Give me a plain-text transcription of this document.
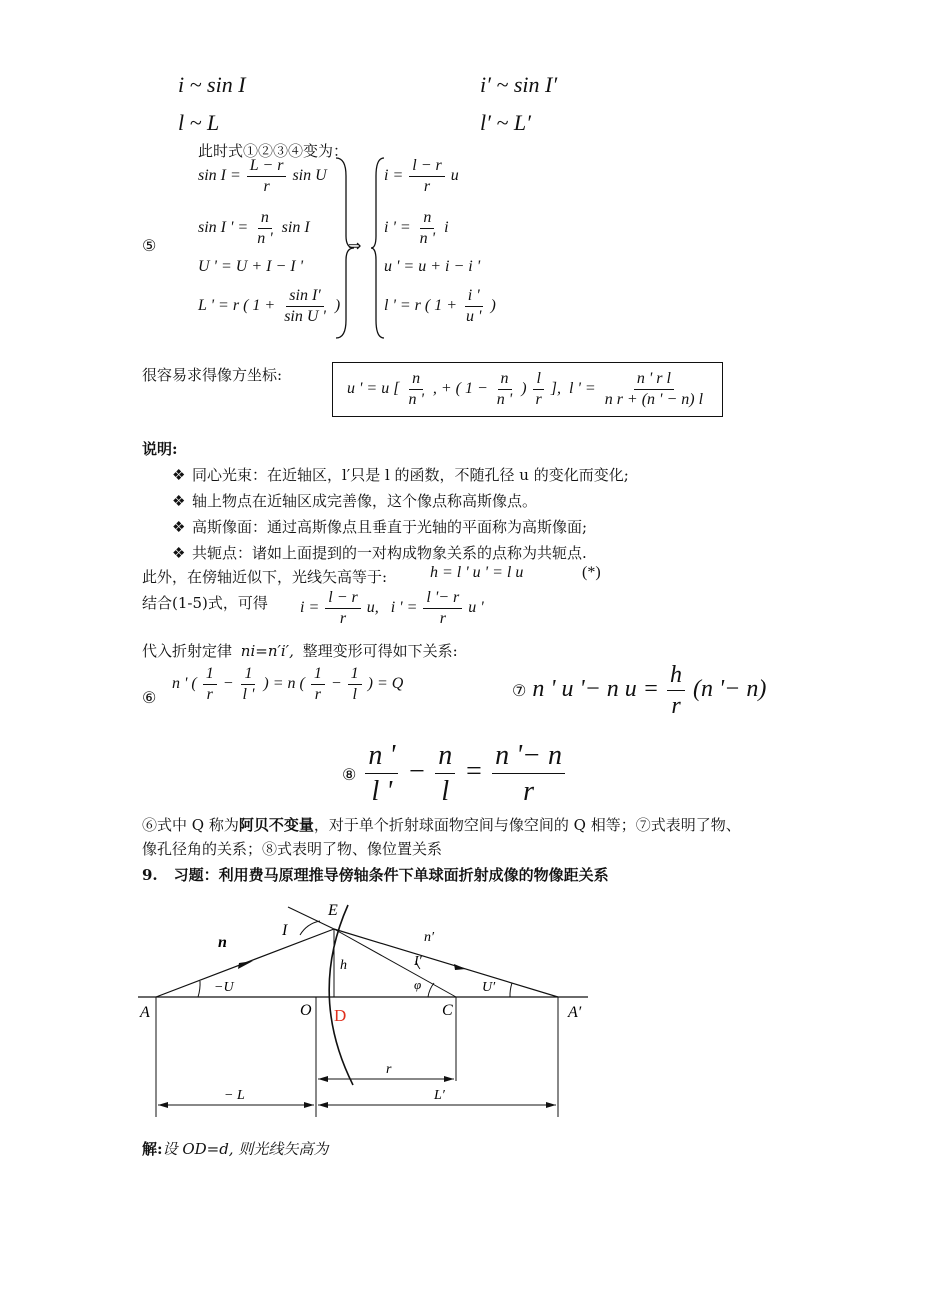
i ~ sin I	i′ ~ sin I′
l ~ L	l′ ~ L′
此时式①②③④变为：
⑤
$\sin I = \frac{L - r}{r}$ sin U
sin I ' = $\frac{n}{n '}$ sin I
U ' = U + I − I '
L ' = r ( $1 + \frac{\text{sin I′}}{\text{sin U '}}$ )
⇒
$i = \frac{l - r}{r}$ u
i ' = $\frac{n}{n '}$ i
u ' = u + i − i '
l ' = r ( $1 + \frac{i '}{u '}$ )
很容易求得像方坐标:
u ' = u [ $\frac{n}{n '}$ , + ( $1 - \frac{n}{n '}$ ) $\frac{l}{r}$ ], l ' = $\frac{\text{n ' r l}}{\text{n r + (n ' − n) l}}$
说明:
❖ 同心光束：在近轴区，l′只是 l 的函数，不随孔径 u 的变化而变化;
❖ 轴上物点在近轴区成完善像，这个像点称高斯像点。
❖ 高斯像面：通过高斯像点且垂直于光轴的平面称为高斯像面;
❖ 共轭点：诸如上面提到的一对构成物象关系的点称为共轭点.
此外，在傍轴近似下，光线矢高等于:	h = l ' u ' = l u	(*)
结合(1-5)式，可得 $i = \frac{l - r}{r} u$, i ' = $\frac{l '- r}{r}$ u '
代入折射定律 ni=n′i′, 整理变形可得如下关系:
⑥
n ' ( $\frac{1}{r} - \frac{1}{l '}$ ) = n ( $\frac{1}{r} - \frac{1}{l}$ ) = Q	⑦ n ' u '− n $u = \frac{h}{r} (n$ '− n)
⑧ $\frac{n '}{l '} - \frac{n}{l} = \frac{n '- n}{r}$
⑥式中 Q 称为阿贝不变量，对于单个折射球面物空间与像空间的 Q 相等；⑦式表明了物、
像孔径角的关系；⑧式表明了物、像位置关系
9. 习题：利用费马原理推导傍轴条件下单球面折射成像的物像距关系
E
I
n	n′
I′
h
φ
−U	U′
A	O D	C	A′
r
− L	L′
解:设 OD=d, 则光线矢高为
